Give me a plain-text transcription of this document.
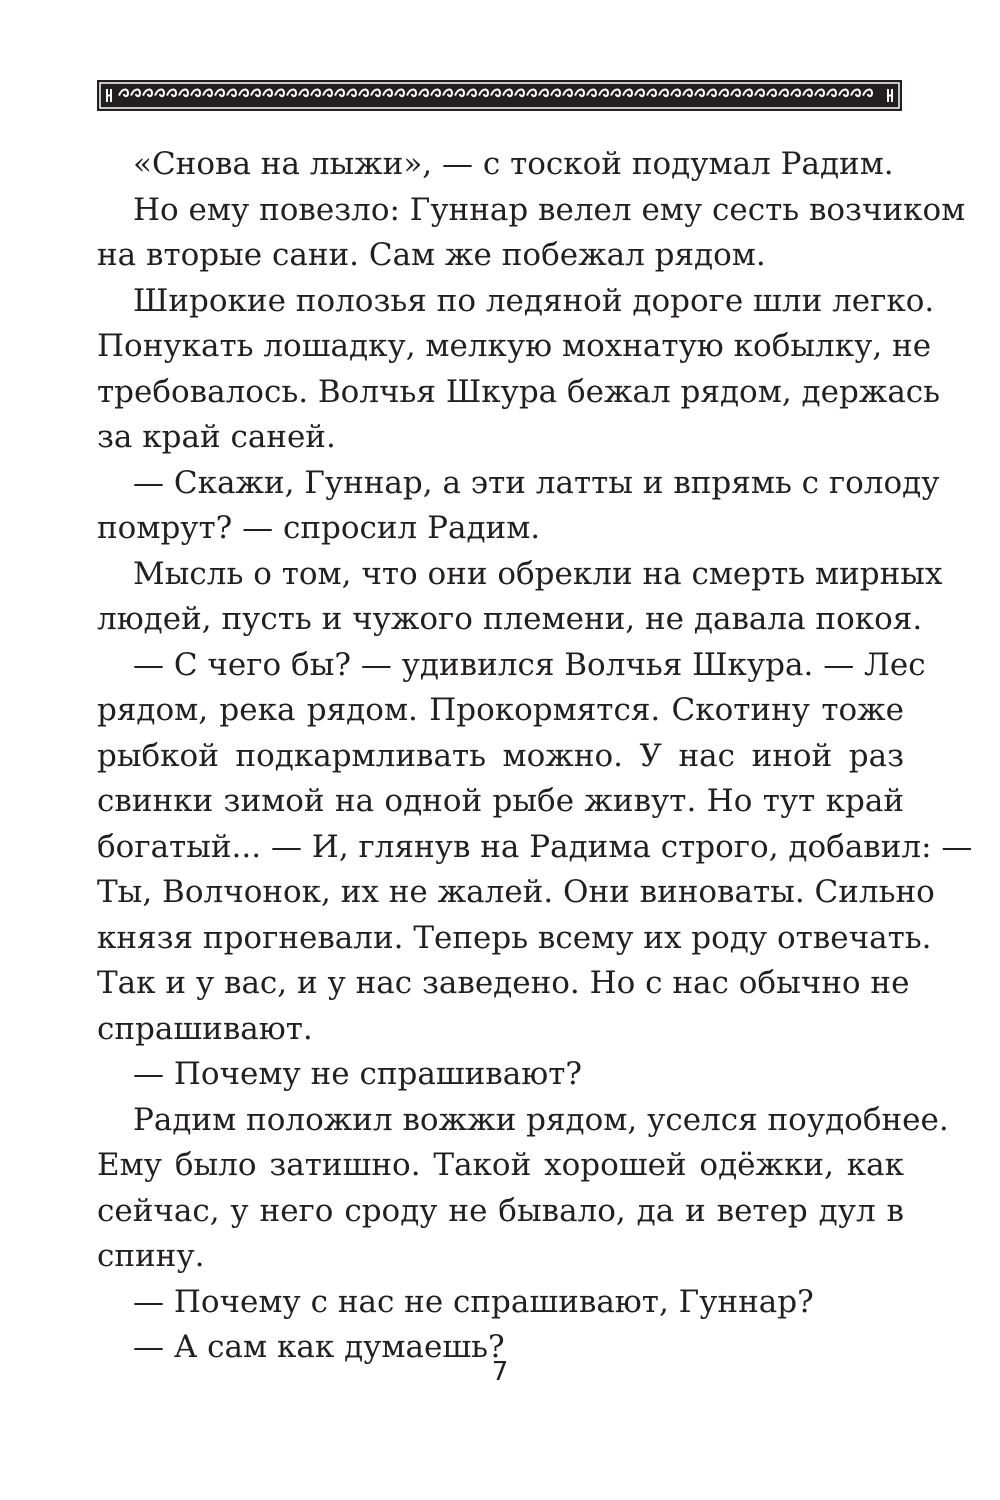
«Снова на лыжи», — с тоской подумал Радим.
Но ему повезло: Гуннар велел ему сесть возчиком
на вторые сани. Сам же побежал рядом.
Широкие полозья по ледяной дороге шли легко.
Понукать лошадку, мелкую мохнатую кобылку, не
требовалось. Волчья Шкура бежал рядом, держась
за край саней.
— Скажи, Гуннар, а эти латты и впрямь с голоду
помрут? — спросил Радим.
Мысль о том, что они обрекли на смерть мирных
людей, пусть и чужого племени, не давала покоя.
— С чего бы? — удивился Волчья Шкура. — Лес
рядом, река рядом. Прокормятся. Скотину тоже
рыбкой подкармливать можно. У нас иной раз
свинки зимой на одной рыбе живут. Но тут край
богатый... — И, глянув на Радима строго, добавил: —
Ты, Волчонок, их не жалей. Они виноваты. Сильно
князя прогневали. Теперь всему их роду отвечать.
Так и у вас, и у нас заведено. Но с нас обычно не
спрашивают.
— Почему не спрашивают?
Радим положил вожжи рядом, уселся поудобнее.
Ему было затишно. Такой хорошей одёжки, как
сейчас, у него сроду не бывало, да и ветер дул в
спину.
— Почему с нас не спрашивают, Гуннар?
— А сам как думаешь?
7
